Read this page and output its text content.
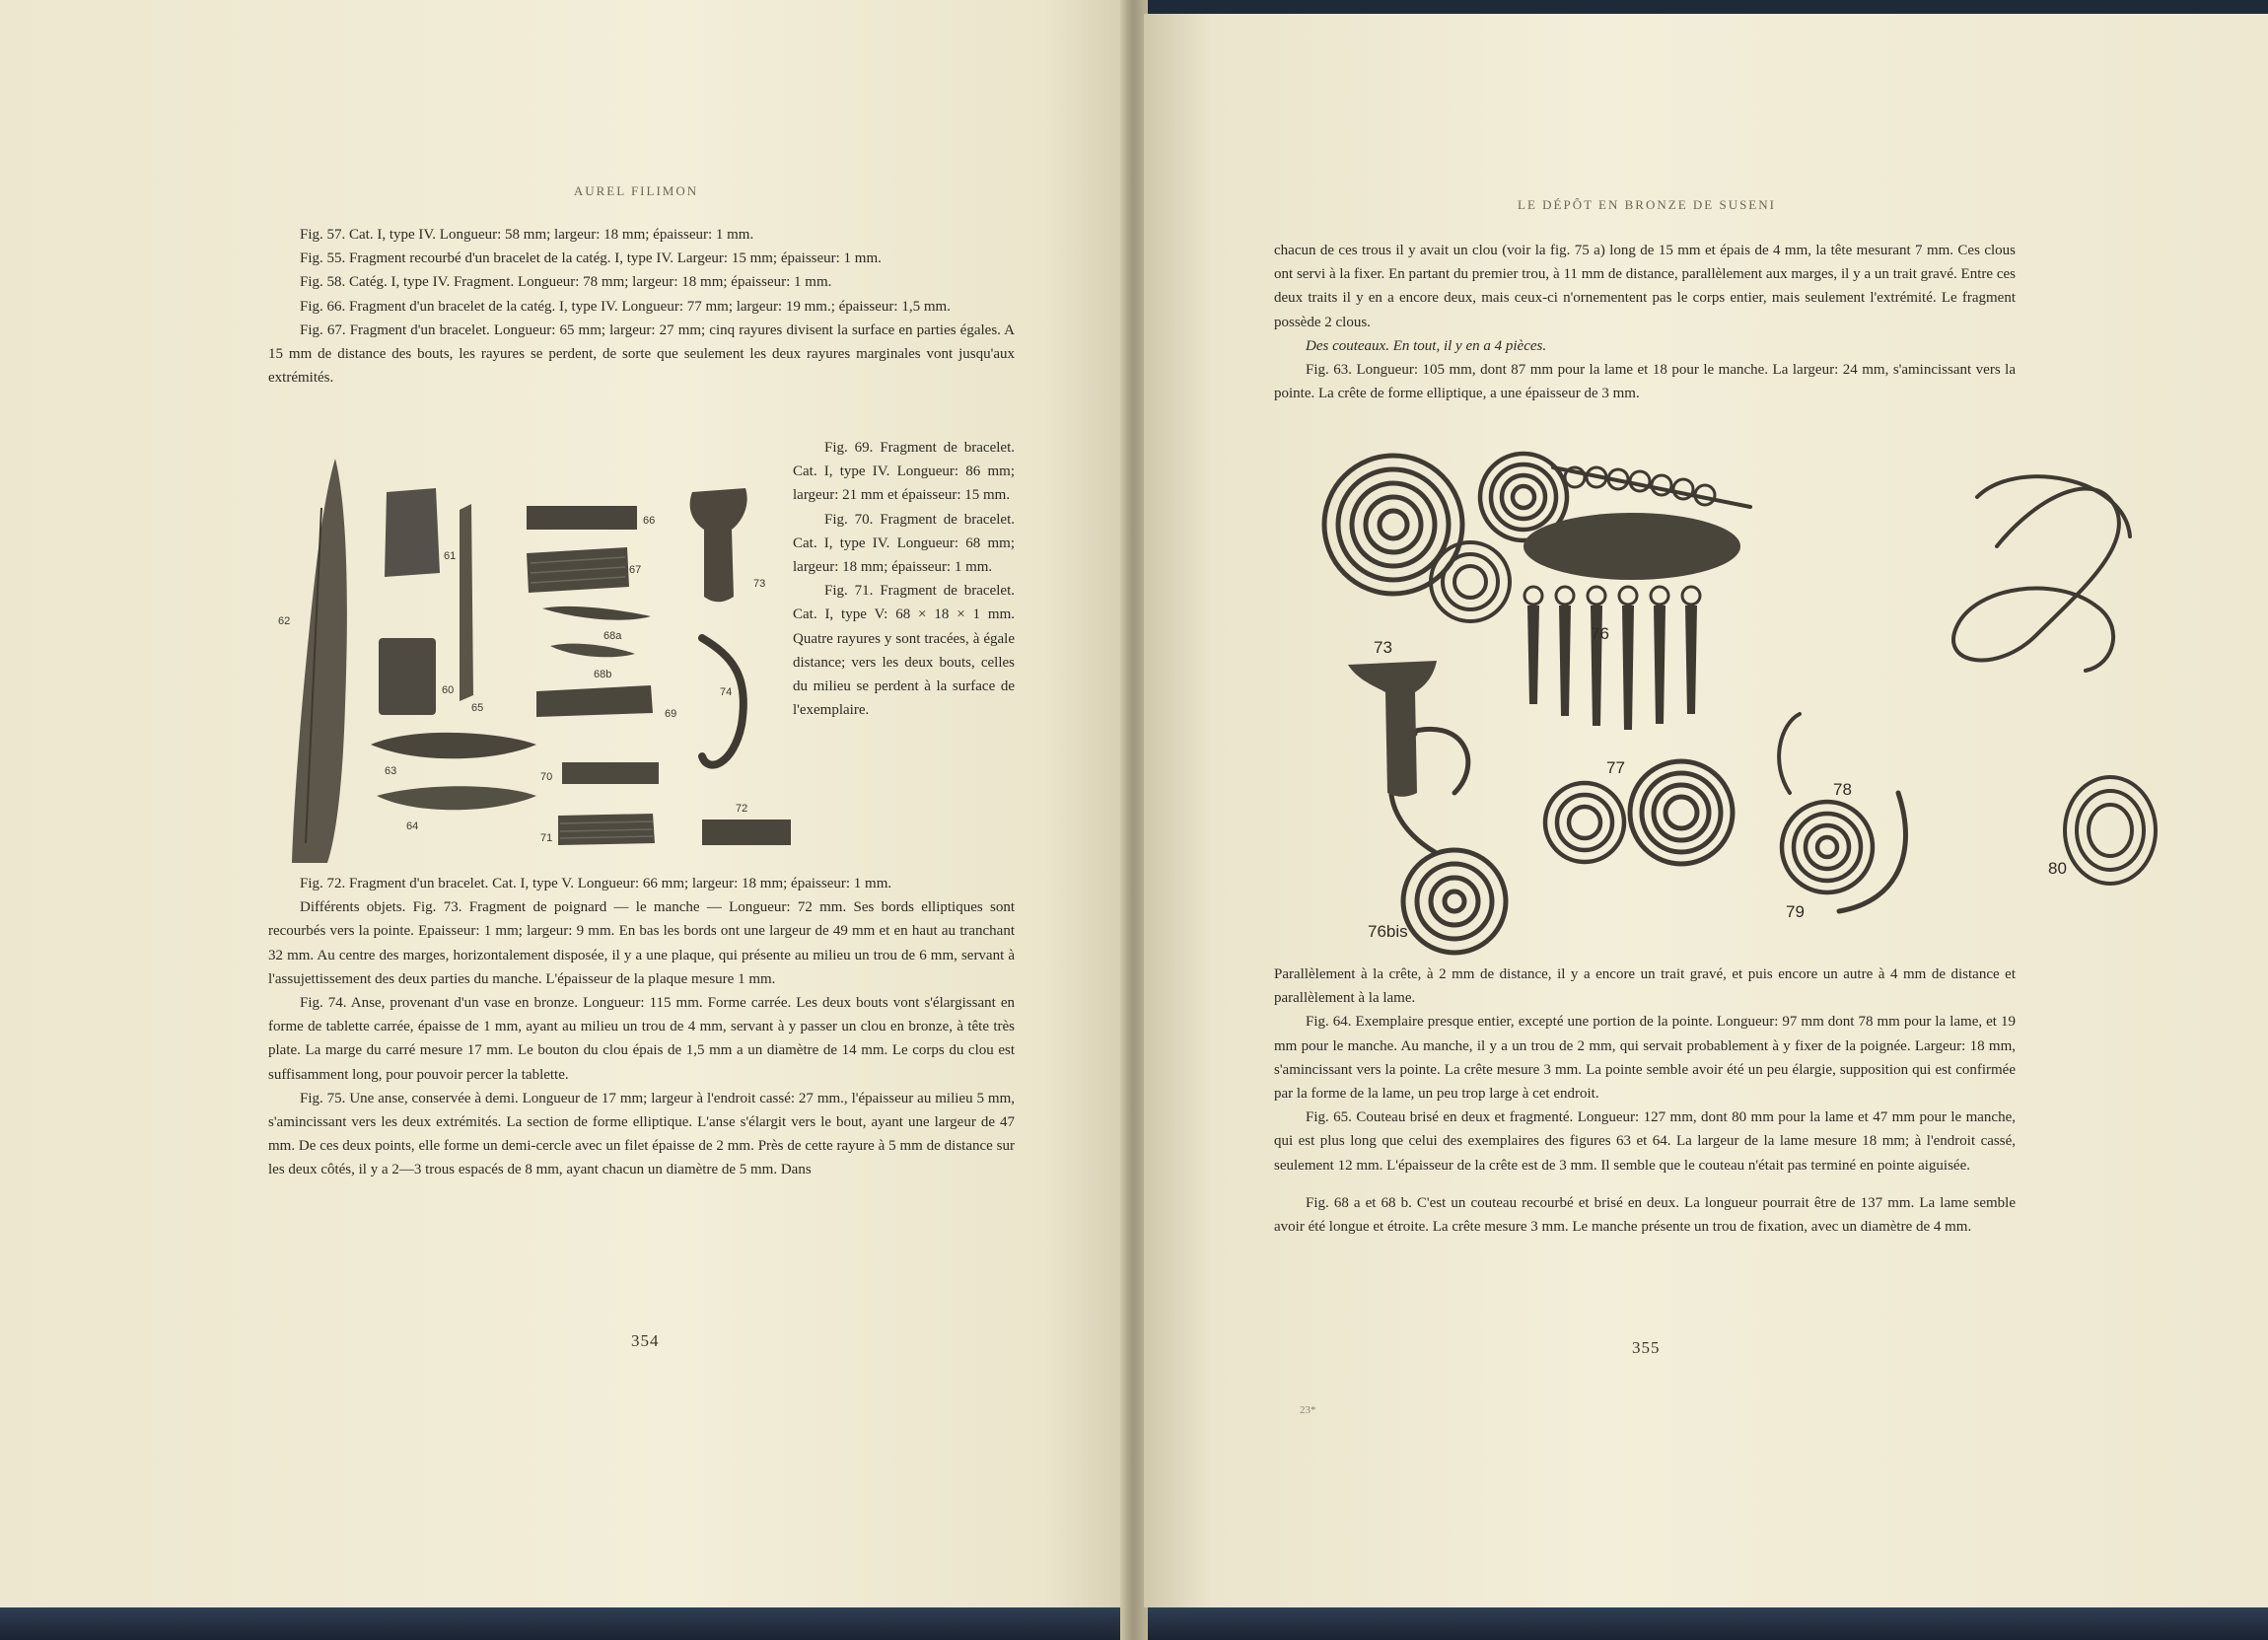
AUREL FILIMON

Fig. 57. Cat. I, type IV. Longueur: 58 mm; largeur: 18 mm; épaisseur: 1 mm.

Fig. 55. Fragment recourbé d'un bracelet de la catég. I, type IV. Largeur: 15 mm; épaisseur: 1 mm.

Fig. 58. Catég. I, type IV. Fragment. Longueur: 78 mm; largeur: 18 mm; épaisseur: 1 mm.

Fig. 66. Fragment d'un bracelet de la catég. I, type IV. Longueur: 77 mm; largeur: 19 mm.; épaisseur: 1,5 mm.

Fig. 67. Fragment d'un bracelet. Longueur: 65 mm; largeur: 27 mm; cinq rayures divisent la surface en parties égales. A 15 mm de distance des bouts, les rayures se perdent, de sorte que seulement les deux rayures marginales vont jusqu'aux extrémités.

62
61
60
65
63
64
66
67
68a
68b
69
70
71
72
73
74

Fig. 69. Fragment de bracelet. Cat. I, type IV. Longueur: 86 mm; largeur: 21 mm et épaisseur: 15 mm.

Fig. 70. Fragment de bracelet. Cat. I, type IV. Longueur: 68 mm; largeur: 18 mm; épaisseur: 1 mm.

Fig. 71. Fragment de bracelet. Cat. I, type V: 68 × 18 × 1 mm. Quatre rayures y sont tracées, à égale distance; vers les deux bouts, celles du milieu se perdent à la surface de l'exemplaire.

Fig. 72. Fragment d'un bracelet. Cat. I, type V. Longueur: 66 mm; largeur: 18 mm; épaisseur: 1 mm.

Différents objets. Fig. 73. Fragment de poignard — le manche — Longueur: 72 mm. Ses bords elliptiques sont recourbés vers la pointe. Epaisseur: 1 mm; largeur: 9 mm. En bas les bords ont une largeur de 49 mm et en haut au tranchant 32 mm. Au centre des marges, horizontalement disposée, il y a une plaque, qui présente au milieu un trou de 6 mm, servant à l'assujettissement des deux parties du manche. L'épaisseur de la plaque mesure 1 mm.

Fig. 74. Anse, provenant d'un vase en bronze. Longueur: 115 mm. Forme carrée. Les deux bouts vont s'élargissant en forme de tablette carrée, épaisse de 1 mm, ayant au milieu un trou de 4 mm, servant à y passer un clou en bronze, à tête très plate. La marge du carré mesure 17 mm. Le bouton du clou épais de 1,5 mm a un diamètre de 14 mm. Le corps du clou est suffisamment long, pour pouvoir percer la tablette.

Fig. 75. Une anse, conservée à demi. Longueur de 17 mm; largeur à l'endroit cassé: 27 mm., l'épaisseur au milieu 5 mm, s'amincissant vers les deux extrémités. La section de forme elliptique. L'anse s'élargit vers le bout, ayant une largeur de 47 mm. De ces deux points, elle forme un demi-cercle avec un filet épaisse de 2 mm. Près de cette rayure à 5 mm de distance sur les deux côtés, il y a 2—3 trous espacés de 8 mm, ayant chacun un diamètre de 5 mm. Dans

354
LE DÉPÔT EN BRONZE DE SUSENI

chacun de ces trous il y avait un clou (voir la fig. 75 a) long de 15 mm et épais de 4 mm, la tête mesurant 7 mm. Ces clous ont servi à la fixer. En partant du premier trou, à 11 mm de distance, parallèlement aux marges, il y a un trait gravé. Entre ces deux traits il y en a encore deux, mais ceux-ci n'ornementent pas le corps entier, mais seulement l'extrémité. Le fragment possède 2 clous.

Des couteaux. En tout, il y en a 4 pièces.

Fig. 63. Longueur: 105 mm, dont 87 mm pour la lame et 18 pour le manche. La largeur: 24 mm, s'amincissant vers la pointe. La crête de forme elliptique, a une épaisseur de 3 mm.

73
76
76bis
77
78
79
80

Parallèlement à la crête, à 2 mm de distance, il y a encore un trait gravé, et puis encore un autre à 4 mm de distance et parallèlement à la lame.

Fig. 64. Exemplaire presque entier, excepté une portion de la pointe. Longueur: 97 mm dont 78 mm pour la lame, et 19 mm pour le manche. Au manche, il y a un trou de 2 mm, qui servait probablement à y fixer de la poignée. Largeur: 18 mm, s'amincissant vers la pointe. La crête mesure 3 mm. La pointe semble avoir été un peu élargie, supposition qui est confirmée par la forme de la lame, un peu trop large à cet endroit.

Fig. 65. Couteau brisé en deux et fragmenté. Longueur: 127 mm, dont 80 mm pour la lame et 47 mm pour le manche, qui est plus long que celui des exemplaires des figures 63 et 64. La largeur de la lame mesure 18 mm; à l'endroit cassé, seulement 12 mm. L'épaisseur de la crête est de 3 mm. Il semble que le couteau n'était pas terminé en pointe aiguisée.

Fig. 68 a et 68 b. C'est un couteau recourbé et brisé en deux. La longueur pourrait être de 137 mm. La lame semble avoir été longue et étroite. La crête mesure 3 mm. Le manche présente un trou de fixation, avec un diamètre de 4 mm.

355
23*
